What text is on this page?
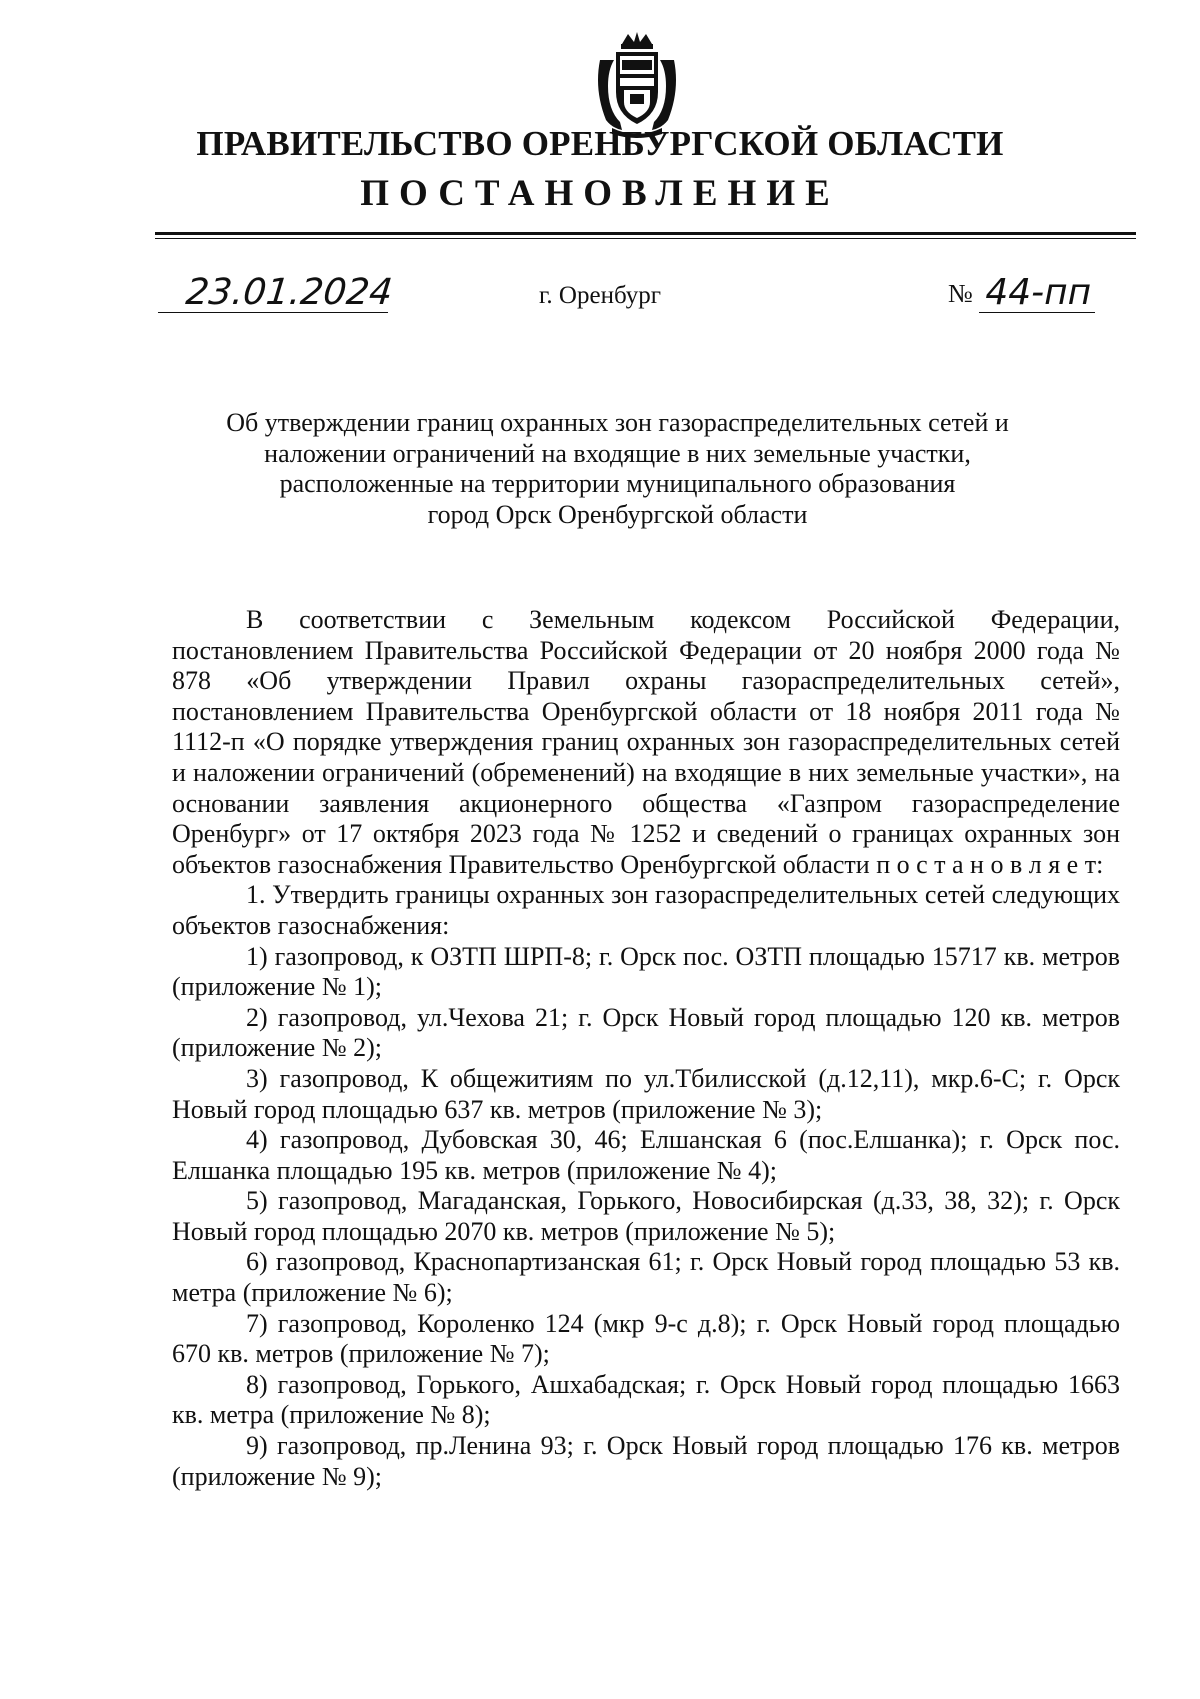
ПРАВИТЕЛЬСТВО ОРЕНБУРГСКОЙ ОБЛАСТИ
ПОСТАНОВЛЕНИЕ
23.01.2024	г. Оренбург	№ 44-пп
Об утверждении границ охранных зон газораспределительных сетей и
наложении ограничений на входящие в них земельные участки,
расположенные на территории муниципального образования
город Орск Оренбургской области

В соответствии с Земельным кодексом Российской Федерации, постановлением Правительства Российской Федерации от 20 ноября 2000 года № 878 «Об утверждении Правил охраны газораспределительных сетей», постановлением Правительства Оренбургской области от 18 ноября 2011 года № 1112-п «О порядке утверждения границ охранных зон газораспределительных сетей и наложении ограничений (обременений) на входящие в них земельные участки», на основании заявления акционерного общества «Газпром газораспределение Оренбург» от 17 октября 2023 года № 1252 и сведений о границах охранных зон объектов газоснабжения Правительство Оренбургской области п о с т а н о в л я е т:

1. Утвердить границы охранных зон газораспределительных сетей следующих объектов газоснабжения:

1) газопровод, к ОЗТП ШРП-8; г. Орск пос. ОЗТП площадью 15717 кв. метров (приложение № 1);

2) газопровод, ул.Чехова 21; г. Орск Новый город площадью 120 кв. метров (приложение № 2);

3) газопровод, К общежитиям по ул.Тбилисской (д.12,11), мкр.6-С; г. Орск Новый город площадью 637 кв. метров (приложение № 3);

4) газопровод, Дубовская 30, 46; Елшанская 6 (пос.Елшанка); г. Орск пос. Елшанка площадью 195 кв. метров (приложение № 4);

5) газопровод, Магаданская, Горького, Новосибирская (д.33, 38, 32); г. Орск Новый город площадью 2070 кв. метров (приложение № 5);

6) газопровод, Краснопартизанская 61; г. Орск Новый город площадью 53 кв. метра (приложение № 6);

7) газопровод, Короленко 124 (мкр 9-с д.8); г. Орск Новый город площадью 670 кв. метров (приложение № 7);

8) газопровод, Горького, Ашхабадская; г. Орск Новый город площадью 1663 кв. метра (приложение № 8);

9) газопровод, пр.Ленина 93; г. Орск Новый город площадью 176 кв. метров (приложение № 9);
